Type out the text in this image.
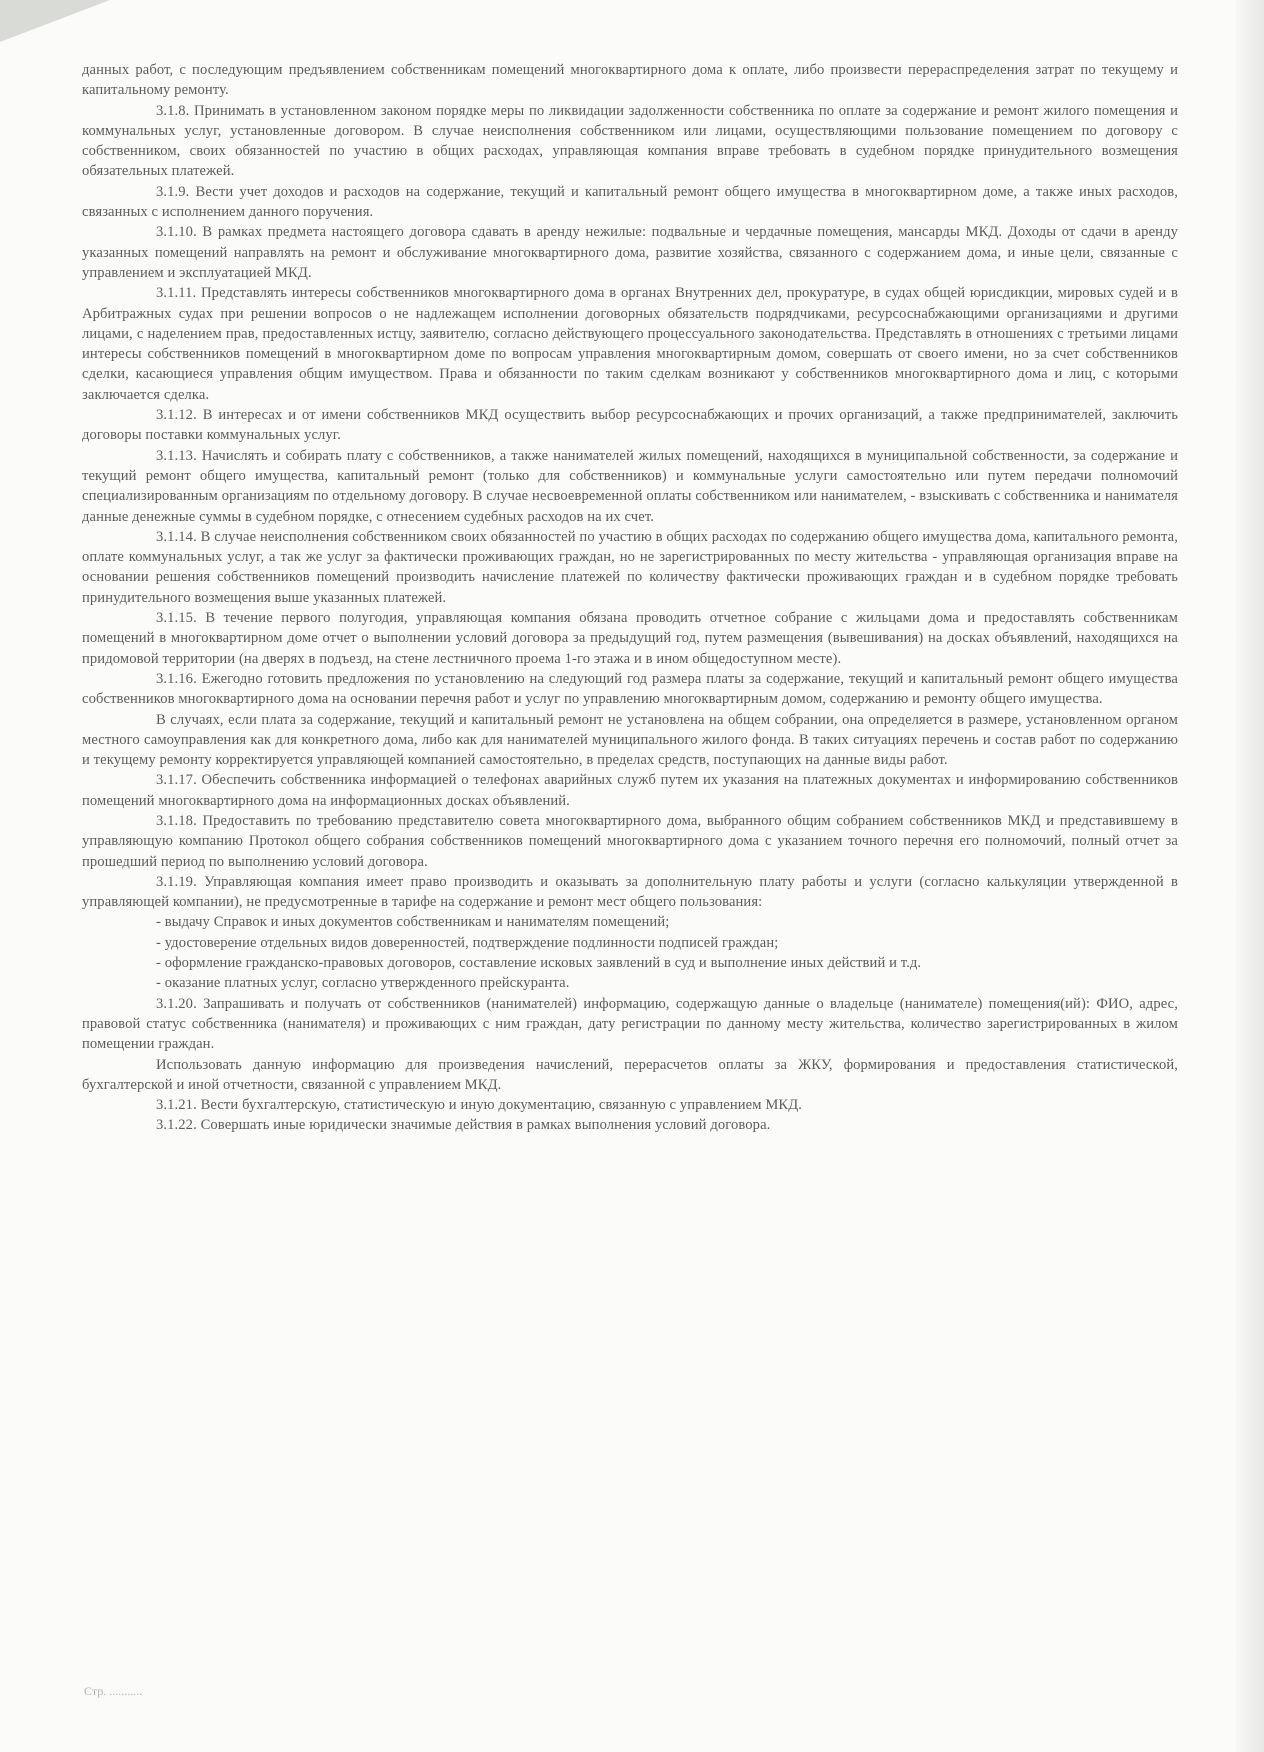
данных работ, с последующим предъявлением собственникам помещений многоквартирного дома к оплате, либо произвести перераспределения затрат по текущему и капитальному ремонту.

3.1.8. Принимать в установленном законом порядке меры по ликвидации задолженности собственника по оплате за содержание и ремонт жилого помещения и коммунальных услуг, установленные договором. В случае неисполнения собственником или лицами, осуществляющими пользование помещением по договору с собственником, своих обязанностей по участию в общих расходах, управляющая компания вправе требовать в судебном порядке принудительного возмещения обязательных платежей.

3.1.9. Вести учет доходов и расходов на содержание, текущий и капитальный ремонт общего имущества в многоквартирном доме, а также иных расходов, связанных с исполнением данного поручения.

3.1.10. В рамках предмета настоящего договора сдавать в аренду нежилые: подвальные и чердачные помещения, мансарды МКД. Доходы от сдачи в аренду указанных помещений направлять на ремонт и обслуживание многоквартирного дома, развитие хозяйства, связанного с содержанием дома, и иные цели, связанные с управлением и эксплуатацией МКД.

3.1.11. Представлять интересы собственников многоквартирного дома в органах Внутренних дел, прокуратуре, в судах общей юрисдикции, мировых судей и в Арбитражных судах при решении вопросов о не надлежащем исполнении договорных обязательств подрядчиками, ресурсоснабжающими организациями и другими лицами, с наделением прав, предоставленных истцу, заявителю, согласно действующего процессуального законодательства. Представлять в отношениях с третьими лицами интересы собственников помещений в многоквартирном доме по вопросам управления многоквартирным домом, совершать от своего имени, но за счет собственников сделки, касающиеся управления общим имуществом. Права и обязанности по таким сделкам возникают у собственников многоквартирного дома и лиц, с которыми заключается сделка.

3.1.12. В интересах и от имени собственников МКД осуществить выбор ресурсоснабжающих и прочих организаций, а также предпринимателей, заключить договоры поставки коммунальных услуг.

3.1.13. Начислять и собирать плату с собственников, а также нанимателей жилых помещений, находящихся в муниципальной собственности, за содержание и текущий ремонт общего имущества, капитальный ремонт (только для собственников) и коммунальные услуги самостоятельно или путем передачи полномочий специализированным организациям по отдельному договору. В случае несвоевременной оплаты собственником или нанимателем, - взыскивать с собственника и нанимателя данные денежные суммы в судебном порядке, с отнесением судебных расходов на их счет.

3.1.14. В случае неисполнения собственником своих обязанностей по участию в общих расходах по содержанию общего имущества дома, капитального ремонта, оплате коммунальных услуг, а так же услуг за фактически проживающих граждан, но не зарегистрированных по месту жительства - управляющая организация вправе на основании решения собственников помещений производить начисление платежей по количеству фактически проживающих граждан и в судебном порядке требовать принудительного возмещения выше указанных платежей.

3.1.15. В течение первого полугодия, управляющая компания обязана проводить отчетное собрание с жильцами дома и предоставлять собственникам помещений в многоквартирном доме отчет о выполнении условий договора за предыдущий год, путем размещения (вывешивания) на досках объявлений, находящихся на придомовой территории (на дверях в подъезд, на стене лестничного проема 1-го этажа и в ином общедоступном месте).

3.1.16. Ежегодно готовить предложения по установлению на следующий год размера платы за содержание, текущий и капитальный ремонт общего имущества собственников многоквартирного дома на основании перечня работ и услуг по управлению многоквартирным домом, содержанию и ремонту общего имущества.

В случаях, если плата за содержание, текущий и капитальный ремонт не установлена на общем собрании, она определяется в размере, установленном органом местного самоуправления как для конкретного дома, либо как для нанимателей муниципального жилого фонда. В таких ситуациях перечень и состав работ по содержанию и текущему ремонту корректируется управляющей компанией самостоятельно, в пределах средств, поступающих на данные виды работ.

3.1.17. Обеспечить собственника информацией о телефонах аварийных служб путем их указания на платежных документах и информированию собственников помещений многоквартирного дома на информационных досках объявлений.

3.1.18. Предоставить по требованию представителю совета многоквартирного дома, выбранного общим собранием собственников МКД и представившему в управляющую компанию Протокол общего собрания собственников помещений многоквартирного дома с указанием точного перечня его полномочий, полный отчет за прошедший период по выполнению условий договора.

3.1.19. Управляющая компания имеет право производить и оказывать за дополнительную плату работы и услуги (согласно калькуляции утвержденной в управляющей компании), не предусмотренные в тарифе на содержание и ремонт мест общего пользования:

- выдачу Справок и иных документов собственникам и нанимателям помещений;

- удостоверение отдельных видов доверенностей, подтверждение подлинности подписей граждан;

- оформление гражданско-правовых договоров, составление исковых заявлений в суд и выполнение иных действий и т.д.

- оказание платных услуг, согласно утвержденного прейскуранта.

3.1.20. Запрашивать и получать от собственников (нанимателей) информацию, содержащую данные о владельце (нанимателе) помещения(ий): ФИО, адрес, правовой статус собственника (нанимателя) и проживающих с ним граждан, дату регистрации по данному месту жительства, количество зарегистрированных в жилом помещении граждан.

Использовать данную информацию для произведения начислений, перерасчетов оплаты за ЖКУ, формирования и предоставления статистической, бухгалтерской и иной отчетности, связанной с управлением МКД.

3.1.21. Вести бухгалтерскую, статистическую и иную документацию, связанную с управлением МКД.

3.1.22. Совершать иные юридически значимые действия в рамках выполнения условий договора.

Стр. ...........
